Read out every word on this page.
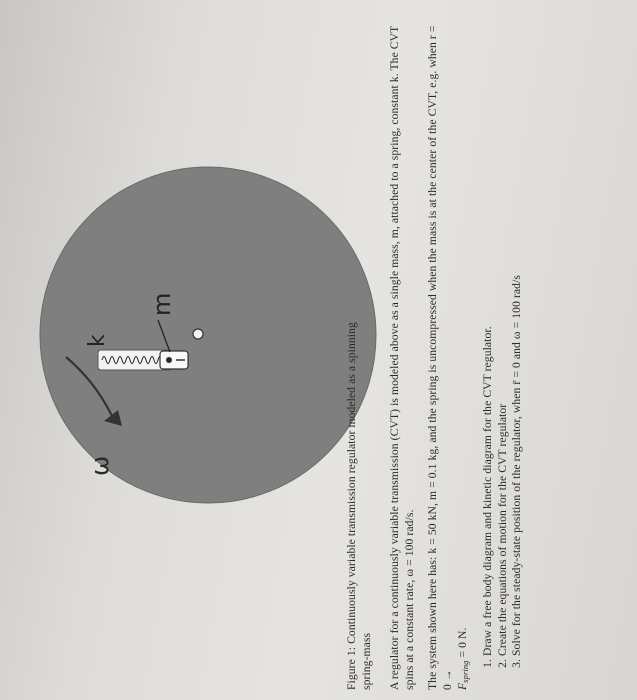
ω
k
m
Figure 1: Continuously variable transmission regulator modeled as a spinning spring-mass A regulator for a continuously variable transmission (CVT) is modeled above as a single mass, m, attached to a spring, constant k. The CVT spins at a constant rate, ω = 100 rad/s. The system shown here has: k = 50 kN, m = 0.1 kg, and the spring is uncompressed when the mass is at the center of the CVT, e.g. when $r = 0 \to F_{spring} = 0$ N.	1. Draw a free body diagram and kinetic diagram for the CVT regulator. 2. Create the equations of motion for the CVT regulator 3. Solve for the steady-state position of the regulator, when r̈ = 0 and ω = 100 rad/s
